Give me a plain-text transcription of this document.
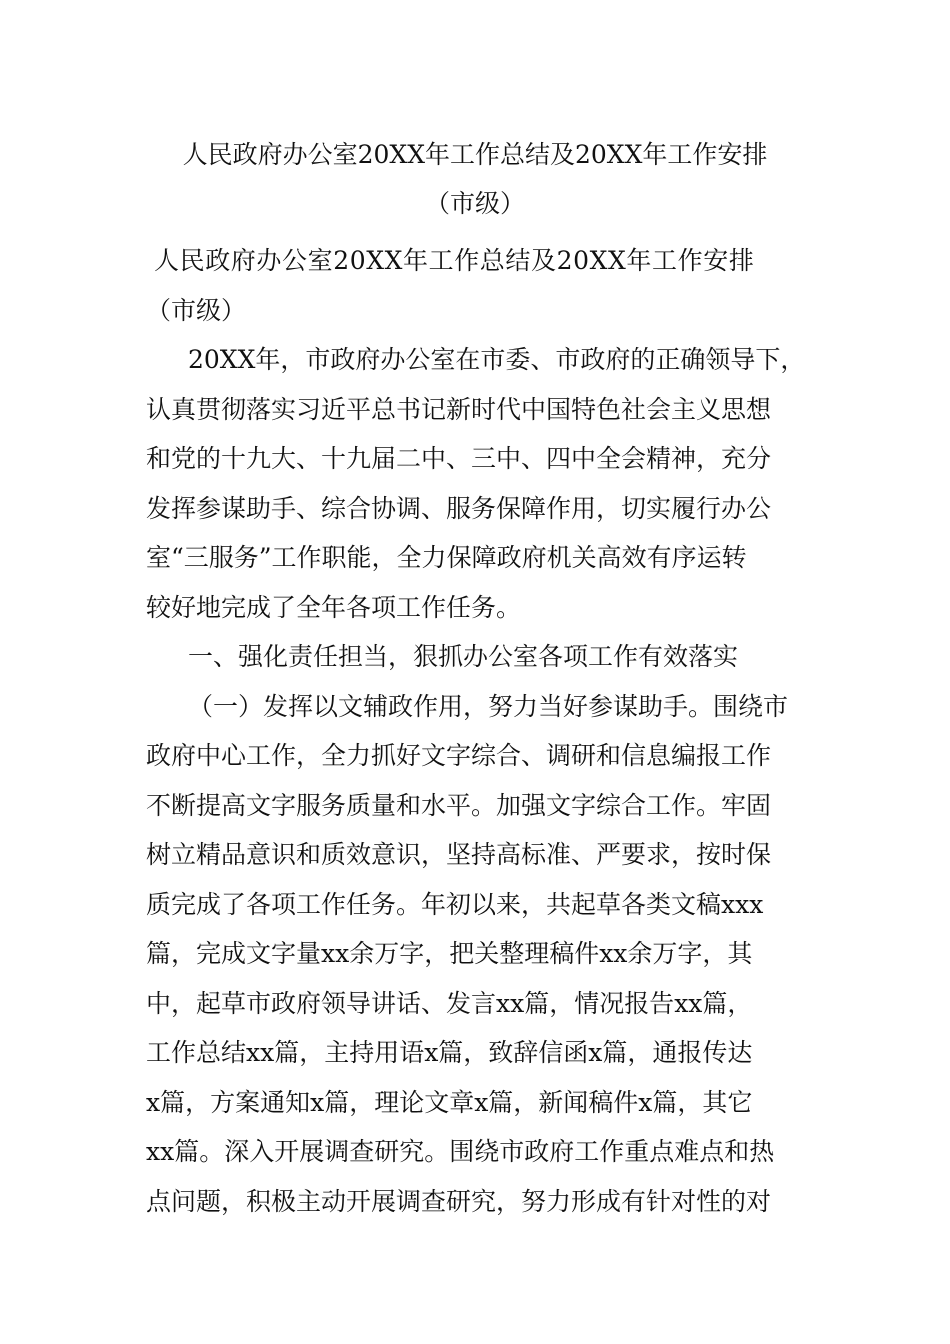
人民政府办公室20XX年工作总结及20XX年工作安排
（市级）
人民政府办公室20XX年工作总结及20XX年工作安排
（市级）
20XX年，市政府办公室在市委、市政府的正确领导下，
认真贯彻落实习近平总书记新时代中国特色社会主义思想
和党的十九大、十九届二中、三中、四中全会精神，充分
发挥参谋助手、综合协调、服务保障作用，切实履行办公
室“三服务”工作职能，全力保障政府机关高效有序运转
较好地完成了全年各项工作任务。
一、强化责任担当，狠抓办公室各项工作有效落实
（一）发挥以文辅政作用，努力当好参谋助手。围绕市
政府中心工作，全力抓好文字综合、调研和信息编报工作
不断提高文字服务质量和水平。加强文字综合工作。牢固
树立精品意识和质效意识，坚持高标准、严要求，按时保
质完成了各项工作任务。年初以来，共起草各类文稿xxx
篇，完成文字量xx余万字，把关整理稿件xx余万字，其
中，起草市政府领导讲话、发言xx篇，情况报告xx篇，
工作总结xx篇，主持用语x篇，致辞信函x篇，通报传达
x篇，方案通知x篇，理论文章x篇，新闻稿件x篇，其它
xx篇。深入开展调查研究。围绕市政府工作重点难点和热
点问题，积极主动开展调查研究，努力形成有针对性的对
